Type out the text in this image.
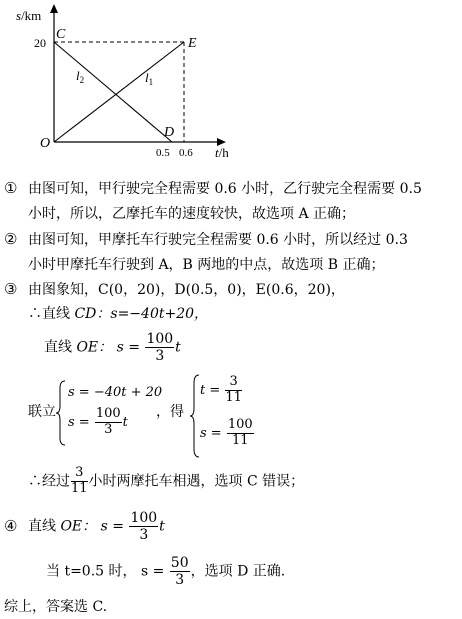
s/km
20
C
E
$l_2$	$l_1$
O
D
0.5 0.6 t/h
① 由图可知，甲行驶完全程需要 0.6 小时，乙行驶完全程需要 0.5
小时，所以，乙摩托车的速度较快，故选项 A 正确；
② 由图可知，甲摩托车行驶完全程需要 0.6 小时，所以经过 0.3
小时甲摩托车行驶到 A，B 两地的中点，故选项 B 正确；
③ 由图象知，C(0，20)，D(0.5，0)，E(0.6，20)，
∴直线 CD：s=−40t+20，
直线 OE： $s = \frac{100}{3}$ t
联立
s = −40t + 20
$s = \frac{100}{3}$ t
，得
$t = \frac{3}{11}$
$s = \frac{100}{11}$
∴经过 $\frac{3}{11}$ 小时两摩托车相遇，选项 C 错误；
④ 直线 OE： $s = \frac{100}{3}$ t
当 t=0.5 时， $s = \frac{50}{3}$ ，选项 D 正确.
综上，答案选 C.
